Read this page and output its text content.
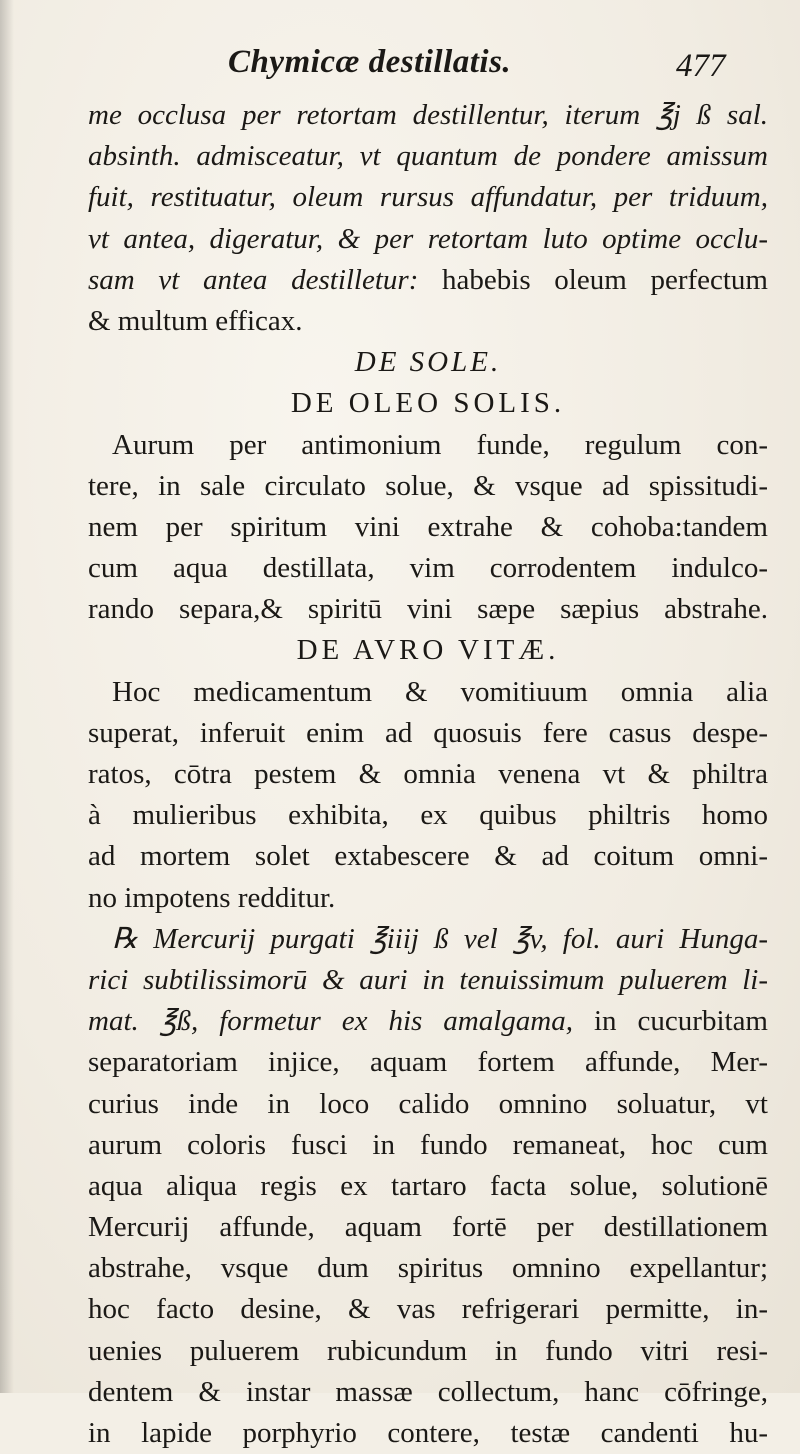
Chymicæ destillatis.	477
me occlusa per retortam destillentur, iterum ℥j ß sal.
absinth. admisceatur, vt quantum de pondere amissum
fuit, restituatur, oleum rursus affundatur, per triduum,
vt antea, digeratur, & per retortam luto optime occlu-
sam vt antea destilletur: habebis oleum perfectum
& multum efficax.
DE SOLE.
DE OLEO SOLIS.
Aurum per antimonium funde, regulum con-
tere, in sale circulato solue, & vsque ad spissitudi-
nem per spiritum vini extrahe & cohoba:tandem
cum aqua destillata, vim corrodentem indulco-
rando separa,& spiritū vini sæpe sæpius abstrahe.
DE AVRO VITÆ.
Hoc medicamentum & vomitiuum omnia alia
superat, inferuit enim ad quosuis fere casus despe-
ratos, cōtra pestem & omnia venena vt & philtra
à mulieribus exhibita, ex quibus philtris homo
ad mortem solet extabescere & ad coitum omni-
no impotens redditur.
℞ Mercurij purgati ℥iiij ß vel ℥v, fol. auri Hunga-
rici subtilissimorū & auri in tenuissimum puluerem li-
mat. ℥ß, formetur ex his amalgama, in cucurbitam
separatoriam injice, aquam fortem affunde, Mer-
curius inde in loco calido omnino soluatur, vt
aurum coloris fusci in fundo remaneat, hoc cum
aqua aliqua regis ex tartaro facta solue, solutionē
Mercurij affunde, aquam fortē per destillationem
abstrahe, vsque dum spiritus omnino expellantur;
hoc facto desine, & vas refrigerari permitte, in-
uenies puluerem rubicundum in fundo vitri resi-
dentem & instar massæ collectum, hanc cōfringe,
in lapide porphyrio contere, testæ candenti hu-
